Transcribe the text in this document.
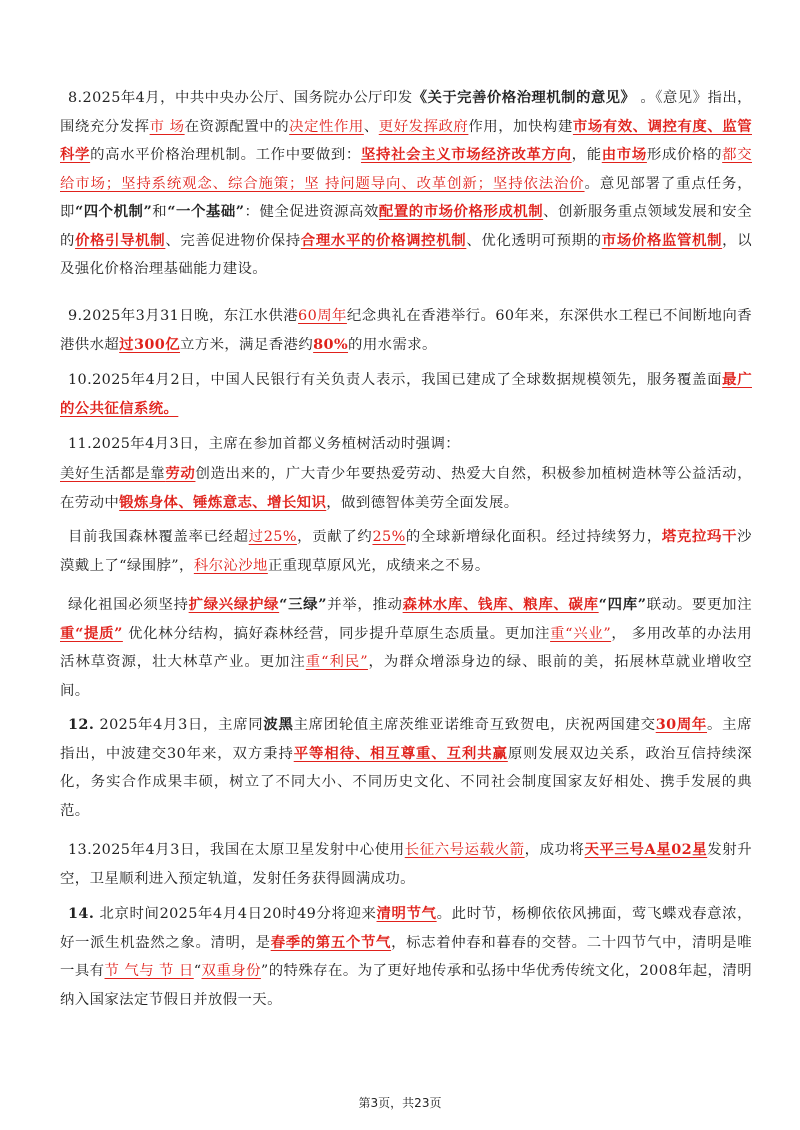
8.2025年4月，中共中央办公厅、国务院办公厅印发《关于完善价格治理机制的意见》 。《意见》指出，围绕充分发挥市 场在资源配置中的决定性作用、更好发挥政府作用，加快构建市场有效、调控有度、监管科学的高水平价格治理机制。工作中要做到：坚持社会主义市场经济改革方向，能由市场形成价格的都交给市场；坚持系统观念、综合施策；坚 持问题导向、改革创新；坚持依法治价。意见部署了重点任务，即“四个机制”和“一个基础”：健全促进资源高效配置的市场价格形成机制、创新服务重点领域发展和安全的价格引导机制、完善促进物价保持合理水平的价格调控机制、优化透明可预期的市场价格监管机制，以及强化价格治理基础能力建设。

9.2025年3月31日晚，东江水供港60周年纪念典礼在香港举行。60年来，东深供水工程已不间断地向香港供水超过300亿立方米，满足香港约80%的用水需求。

10.2025年4月2日，中国人民银行有关负责人表示，我国已建成了全球数据规模领先，服务覆盖面最广的公共征信系统。

11.2025年4月3日，主席在参加首都义务植树活动时强调：

美好生活都是靠劳动创造出来的，广大青少年要热爱劳动、热爱大自然，积极参加植树造林等公益活动，在劳动中锻炼身体、锤炼意志、增长知识，做到德智体美劳全面发展。

目前我国森林覆盖率已经超过25%，贡献了约25%的全球新增绿化面积。经过持续努力，塔克拉玛干沙漠戴上了“绿围脖”，科尔沁沙地正重现草原风光，成绩来之不易。

绿化祖国必须坚持扩绿兴绿护绿“三绿”并举，推动森林水库、钱库、粮库、碳库“四库”联动。要更加注重“提质” 优化林分结构，搞好森林经营，同步提升草原生态质量。更加注重“兴业”， 多用改革的办法用活林草资源，壮大林草产业。更加注重“利民”，为群众增添身边的绿、眼前的美，拓展林草就业增收空间。

12. 2025年4月3日，主席同波黑主席团轮值主席茨维亚诺维奇互致贺电，庆祝两国建交30周年。主席指出，中波建交30年来，双方秉持平等相待、相互尊重、互利共赢原则发展双边关系，政治互信持续深化，务实合作成果丰硕，树立了不同大小、不同历史文化、不同社会制度国家友好相处、携手发展的典范。

13.2025年4月3日，我国在太原卫星发射中心使用长征六号运载火箭，成功将天平三号A星02星发射升空，卫星顺利进入预定轨道，发射任务获得圆满成功。

14. 北京时间2025年4月4日20时49分将迎来清明节气。此时节，杨柳依依风拂面，莺飞蝶戏春意浓，好一派生机盎然之象。清明，是春季的第五个节气，标志着仲春和暮春的交替。二十四节气中，清明是唯一具有节 气与 节 日“双重身份”的特殊存在。为了更好地传承和弘扬中华优秀传统文化，2008年起，清明纳入国家法定节假日并放假一天。

第3页，共23页
